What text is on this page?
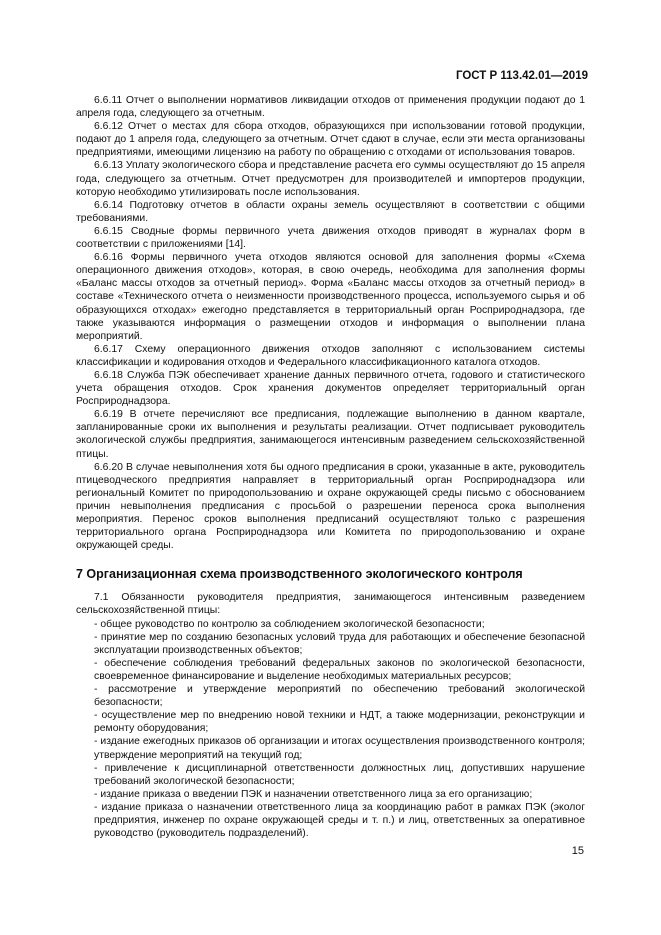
ГОСТ Р 113.42.01—2019

6.6.11 Отчет о выполнении нормативов ликвидации отходов от применения продукции подают до 1 апреля года, следующего за отчетным.

6.6.12 Отчет о местах для сбора отходов, образующихся при использовании готовой продукции, подают до 1 апреля года, следующего за отчетным. Отчет сдают в случае, если эти места организованы предприятиями, имеющими лицензию на работу по обращению с отходами от использования товаров.

6.6.13 Уплату экологического сбора и представление расчета его суммы осуществляют до 15 апреля года, следующего за отчетным. Отчет предусмотрен для производителей и импортеров продукции, которую необходимо утилизировать после использования.

6.6.14 Подготовку отчетов в области охраны земель осуществляют в соответствии с общими требованиями.

6.6.15 Сводные формы первичного учета движения отходов приводят в журналах форм в соответствии с приложениями [14].

6.6.16 Формы первичного учета отходов являются основой для заполнения формы «Схема операционного движения отходов», которая, в свою очередь, необходима для заполнения формы «Баланс массы отходов за отчетный период». Форма «Баланс массы отходов за отчетный период» в составе «Технического отчета о неизменности производственного процесса, используемого сырья и об образующихся отходах» ежегодно представляется в территориальный орган Росприроднадзора, где также указываются информация о размещении отходов и информация о выполнении плана мероприятий.

6.6.17 Схему операционного движения отходов заполняют с использованием системы классификации и кодирования отходов и Федерального классификационного каталога отходов.

6.6.18 Служба ПЭК обеспечивает хранение данных первичного отчета, годового и статистического учета обращения отходов. Срок хранения документов определяет территориальный орган Росприроднадзора.

6.6.19 В отчете перечисляют все предписания, подлежащие выполнению в данном квартале, запланированные сроки их выполнения и результаты реализации. Отчет подписывает руководитель экологической службы предприятия, занимающегося интенсивным разведением сельскохозяйственной птицы.

6.6.20 В случае невыполнения хотя бы одного предписания в сроки, указанные в акте, руководитель птицеводческого предприятия направляет в территориальный орган Росприроднадзора или региональный Комитет по природопользованию и охране окружающей среды письмо с обоснованием причин невыполнения предписания с просьбой о разрешении переноса срока выполнения мероприятия. Перенос сроков выполнения предписаний осуществляют только с разрешения территориального органа Росприроднадзора или Комитета по природопользованию и охране окружающей среды.

7 Организационная схема производственного экологического контроля

7.1 Обязанности руководителя предприятия, занимающегося интенсивным разведением сельскохозяйственной птицы:

- общее руководство по контролю за соблюдением экологической безопасности;

- принятие мер по созданию безопасных условий труда для работающих и обеспечение безопасной эксплуатации производственных объектов;

- обеспечение соблюдения требований федеральных законов по экологической безопасности, своевременное финансирование и выделение необходимых материальных ресурсов;

- рассмотрение и утверждение мероприятий по обеспечению требований экологической безопасности;

- осуществление мер по внедрению новой техники и НДТ, а также модернизации, реконструкции и ремонту оборудования;

- издание ежегодных приказов об организации и итогах осуществления производственного контроля; утверждение мероприятий на текущий год;

- привлечение к дисциплинарной ответственности должностных лиц, допустивших нарушение требований экологической безопасности;

- издание приказа о введении ПЭК и назначении ответственного лица за его организацию;

- издание приказа о назначении ответственного лица за координацию работ в рамках ПЭК (эколог предприятия, инженер по охране окружающей среды и т. п.) и лиц, ответственных за оперативное руководство (руководитель подразделений).

15
